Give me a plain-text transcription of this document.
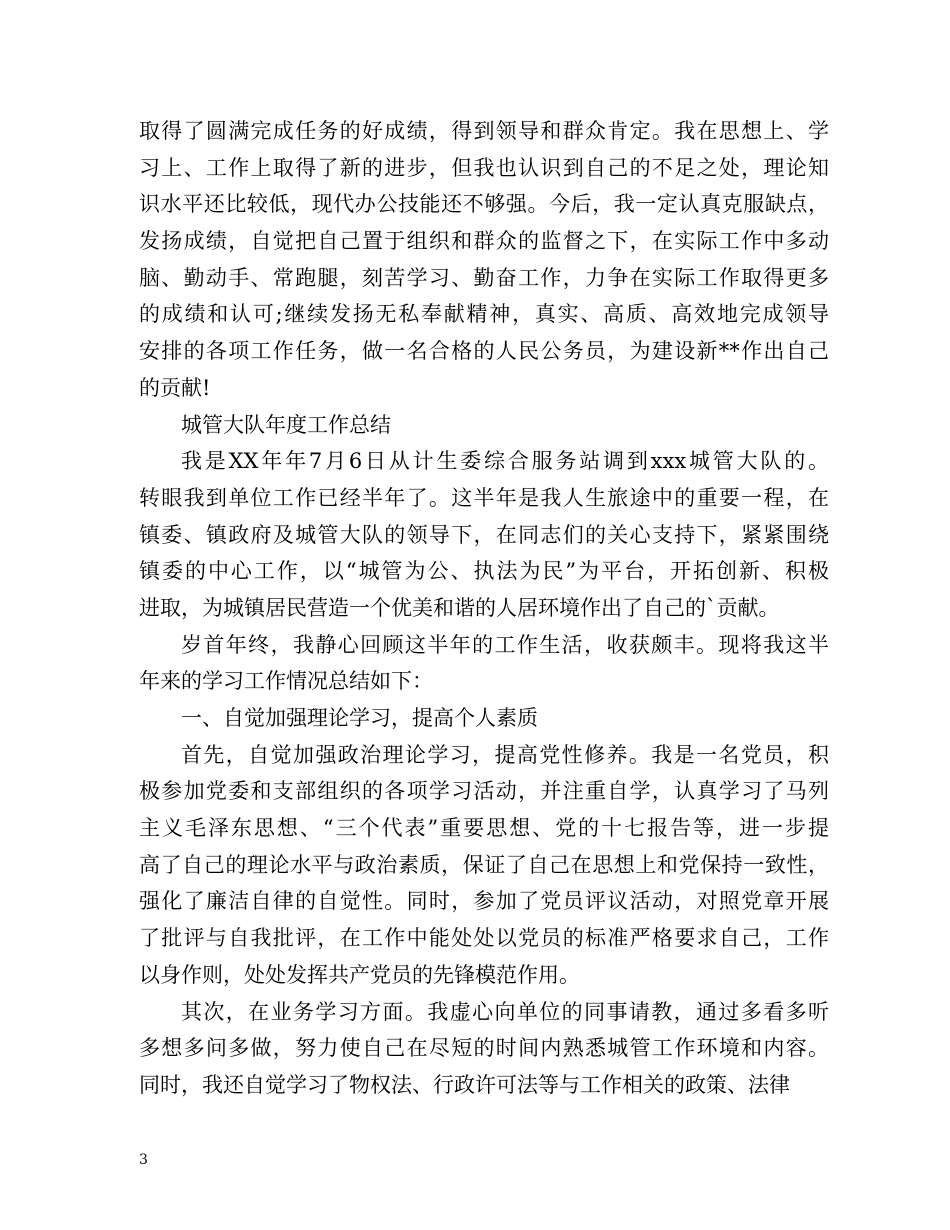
取得了圆满完成任务的好成绩，得到领导和群众肯定。我在思想上、学
习上、工作上取得了新的进步，但我也认识到自己的不足之处，理论知
识水平还比较低，现代办公技能还不够强。今后，我一定认真克服缺点，
发扬成绩，自觉把自己置于组织和群众的监督之下，在实际工作中多动
脑、勤动手、常跑腿，刻苦学习、勤奋工作，力争在实际工作取得更多
的成绩和认可;继续发扬无私奉献精神，真实、高质、高效地完成领导
安排的各项工作任务，做一名合格的人民公务员，为建设新**作出自己
的贡献!
城管大队年度工作总结
我是XX年年7月6日从计生委综合服务站调到xxx城管大队的。
转眼我到单位工作已经半年了。这半年是我人生旅途中的重要一程，在
镇委、镇政府及城管大队的领导下，在同志们的关心支持下，紧紧围绕
镇委的中心工作，以“城管为公、执法为民”为平台，开拓创新、积极
进取，为城镇居民营造一个优美和谐的人居环境作出了自己的`贡献。
岁首年终，我静心回顾这半年的工作生活，收获颇丰。现将我这半
年来的学习工作情况总结如下：
一、自觉加强理论学习，提高个人素质
首先，自觉加强政治理论学习，提高党性修养。我是一名党员，积
极参加党委和支部组织的各项学习活动，并注重自学，认真学习了马列
主义毛泽东思想、“三个代表”重要思想、党的十七报告等，进一步提
高了自己的理论水平与政治素质，保证了自己在思想上和党保持一致性，
强化了廉洁自律的自觉性。同时，参加了党员评议活动，对照党章开展
了批评与自我批评，在工作中能处处以党员的标准严格要求自己，工作
以身作则，处处发挥共产党员的先锋模范作用。
其次，在业务学习方面。我虚心向单位的同事请教，通过多看多听
多想多问多做，努力使自己在尽短的时间内熟悉城管工作环境和内容。
同时，我还自觉学习了物权法、行政许可法等与工作相关的政策、法律
3
